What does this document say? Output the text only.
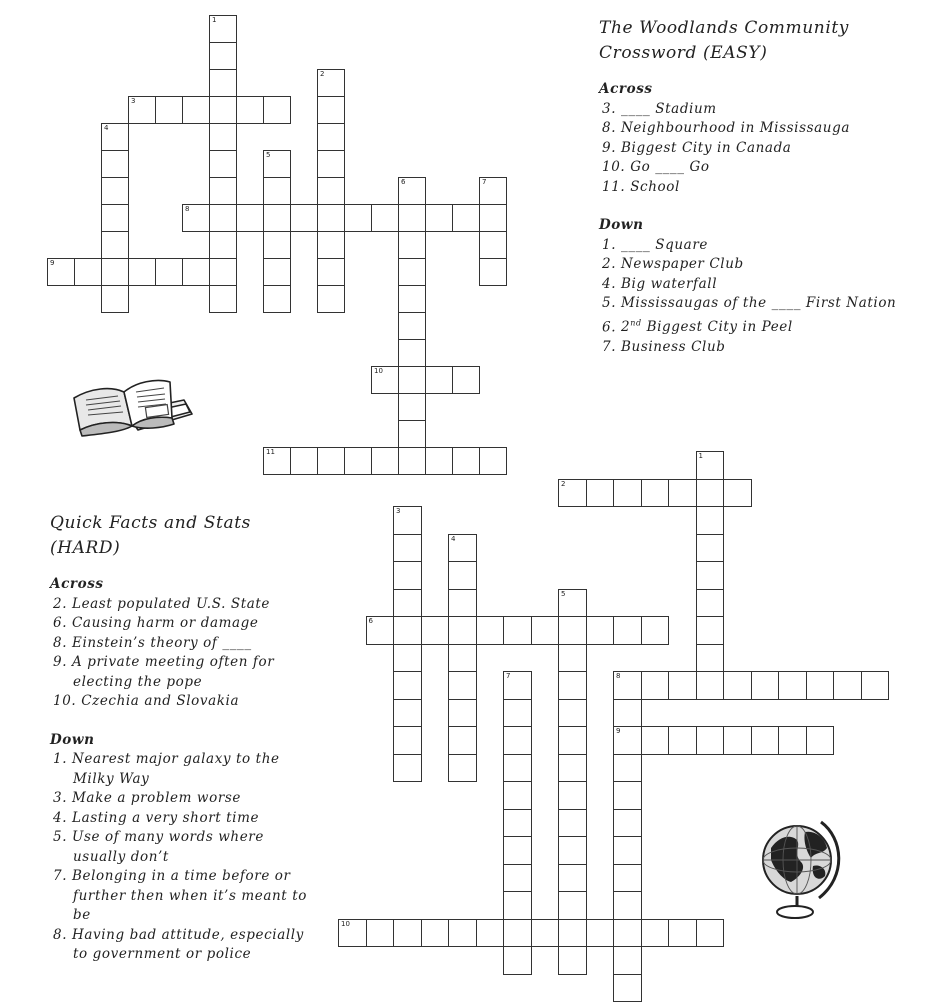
1
2
3
4
5
6	7
8
9
10
11	1
2
3
4
5
6
7	8
9
10
The Woodlands Community
Crossword (EASY)
Across
3. ____ Stadium
8. Neighbourhood in Mississauga
9. Biggest City in Canada
10. Go ____ Go
11. School
Down
1. ____ Square
2. Newspaper Club
4. Big waterfall
5. Mississaugas of the ____ First Nation
6. 2nd Biggest City in Peel
7. Business Club
Quick Facts and Stats
(HARD)
Across
2. Least populated U.S. State
6. Causing harm or damage
8. Einstein’s theory of ____
9. A private meeting often for electing the pope
10. Czechia and Slovakia
Down
1. Nearest major galaxy to the Milky Way
3. Make a problem worse
4. Lasting a very short time
5. Use of many words where usually don’t
7. Belonging in a time before or further then when it’s meant to be
8. Having bad attitude, especially to government or police
